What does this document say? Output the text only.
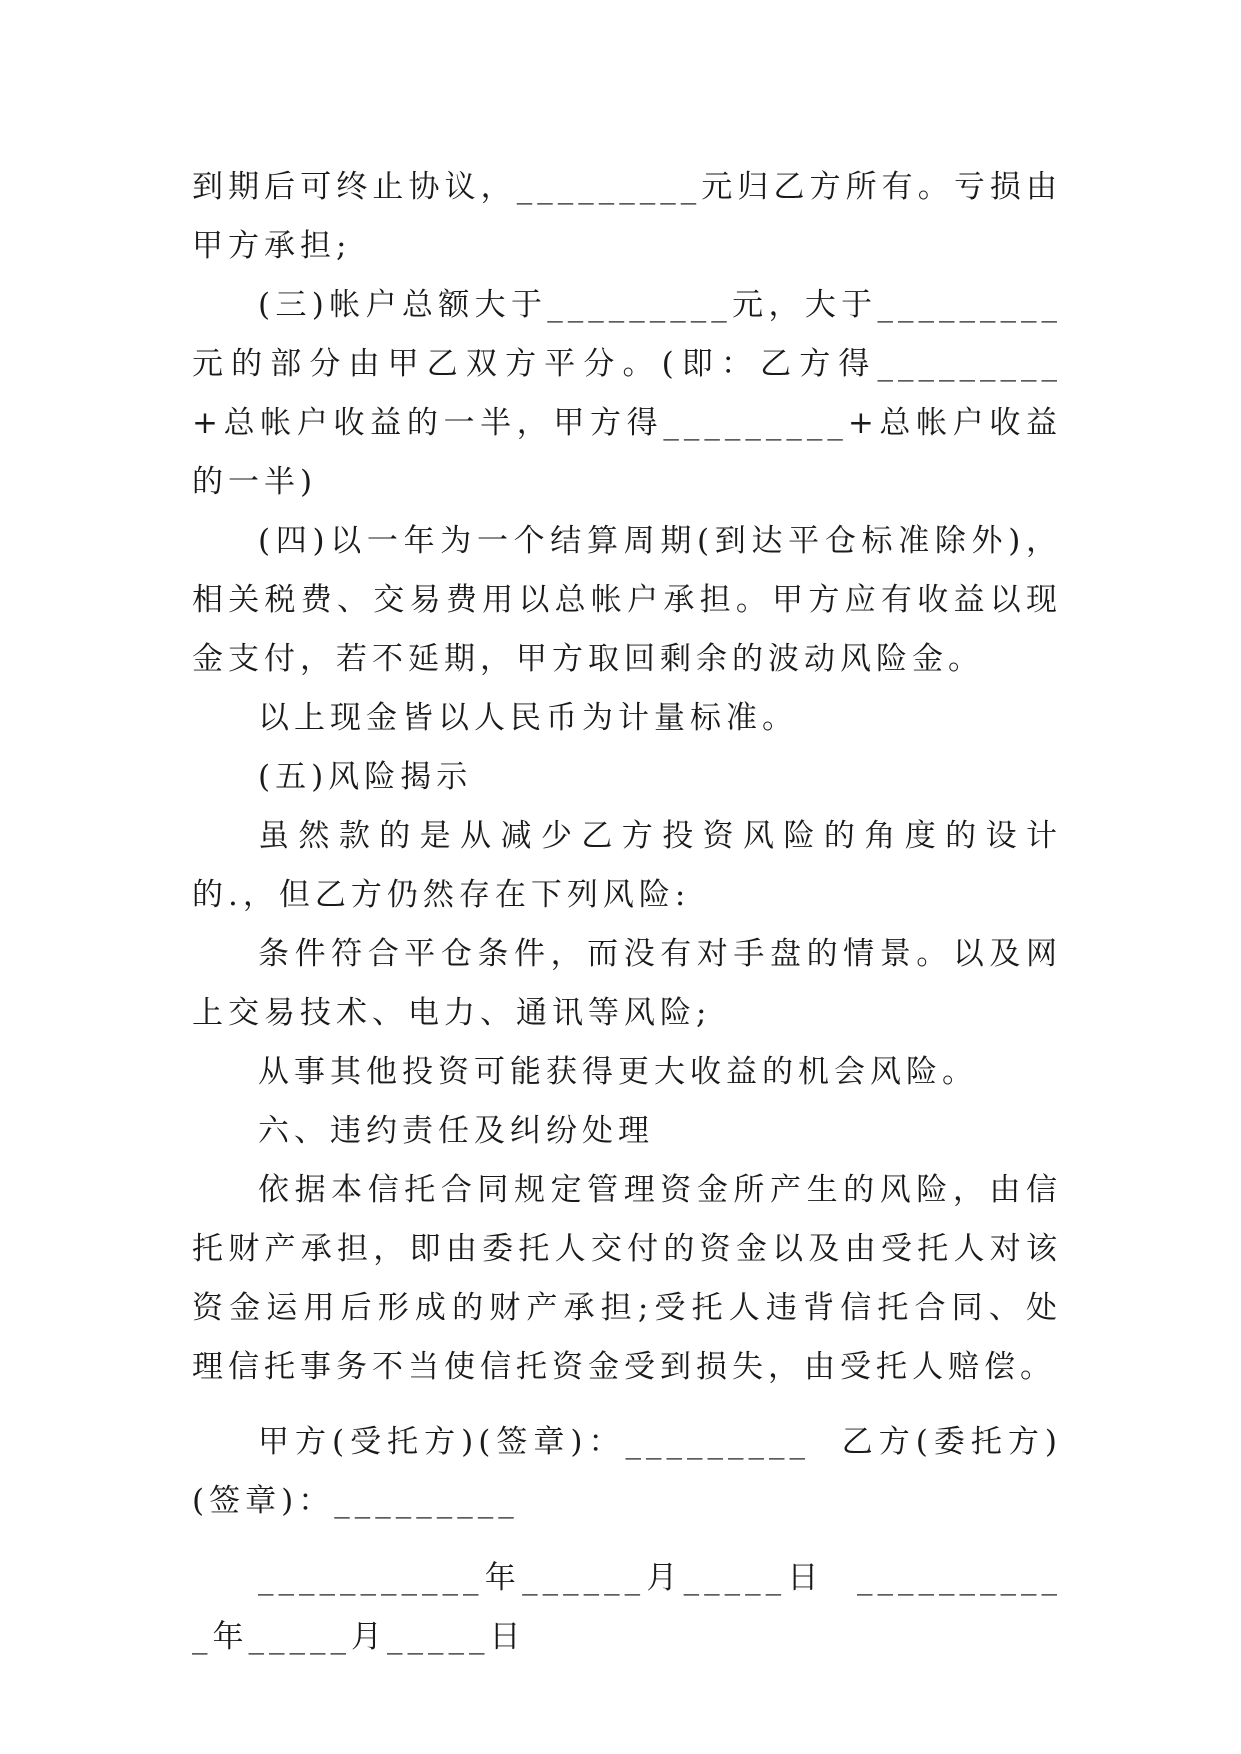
到期后可终止协议，_________元归乙方所有。亏损由甲方承担;

(三)帐户总额大于_________元，大于_________元的部分由甲乙双方平分。(即：乙方得_________+总帐户收益的一半，甲方得_________+总帐户收益的一半)

(四)以一年为一个结算周期(到达平仓标准除外)，相关税费、交易费用以总帐户承担。甲方应有收益以现金支付，若不延期，甲方取回剩余的波动风险金。

以上现金皆以人民币为计量标准。

(五)风险揭示

虽然款的是从减少乙方投资风险的角度的设计的.，但乙方仍然存在下列风险:

条件符合平仓条件，而没有对手盘的情景。以及网上交易技术、电力、通讯等风险;

从事其他投资可能获得更大收益的机会风险。

六、违约责任及纠纷处理

依据本信托合同规定管理资金所产生的风险，由信托财产承担，即由委托人交付的资金以及由受托人对该资金运用后形成的财产承担;受托人违背信托合同、处理信托事务不当使信托资金受到损失，由受托人赔偿。

甲方(受托方)(签章)：_________  乙方(委托方)(签章)：_________

___________年______月_____日  ___________年_____月_____日
